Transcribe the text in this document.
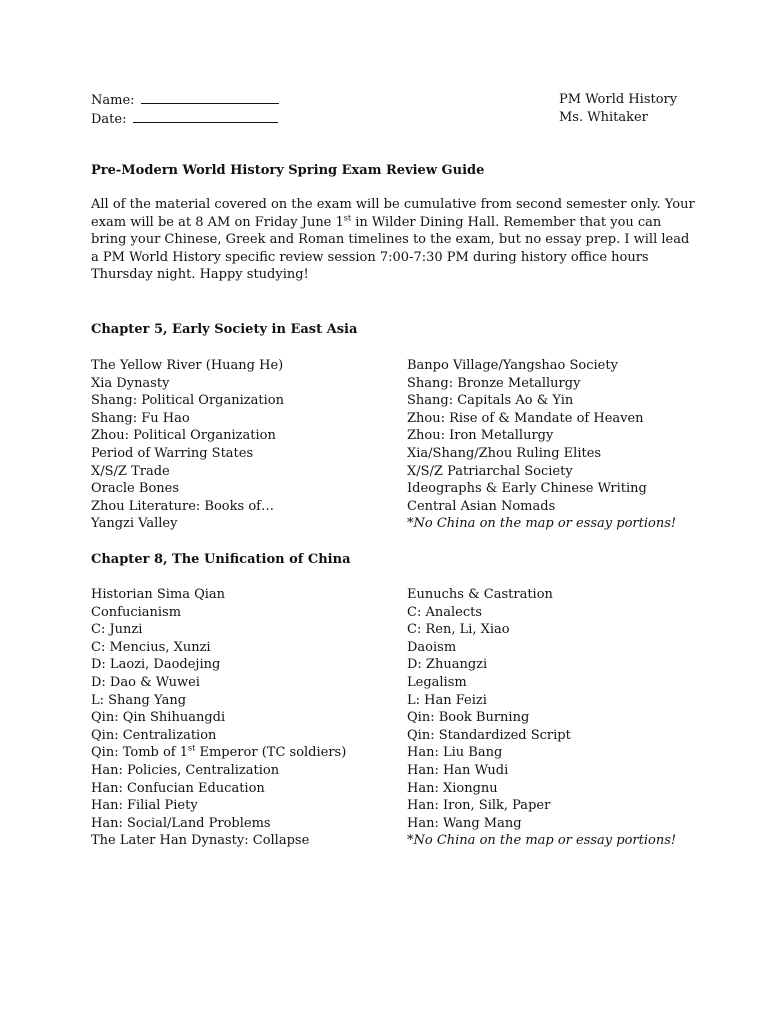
Name:
Date:
PM World History
Ms. Whitaker
Pre-Modern World History Spring Exam Review Guide
All of the material covered on the exam will be cumulative from second semester only. Your exam will be at 8 AM on Friday June 1st in Wilder Dining Hall. Remember that you can bring your Chinese, Greek and Roman timelines to the exam, but no essay prep. I will lead a PM World History specific review session 7:00-7:30 PM during history office hours Thursday night. Happy studying!
Chapter 5, Early Society in East Asia
The Yellow River (Huang He)
Xia Dynasty
Shang: Political Organization
Shang: Fu Hao
Zhou: Political Organization
Period of Warring States
X/S/Z Trade
Oracle Bones
Zhou Literature: Books of…
Yangzi Valley
Banpo Village/Yangshao Society
Shang: Bronze Metallurgy
Shang: Capitals Ao & Yin
Zhou: Rise of & Mandate of Heaven
Zhou: Iron Metallurgy
Xia/Shang/Zhou Ruling Elites
X/S/Z Patriarchal Society
Ideographs & Early Chinese Writing
Central Asian Nomads
*No China on the map or essay portions!
Chapter 8, The Unification of China
Historian Sima Qian
Confucianism
C: Junzi
C: Mencius, Xunzi
D: Laozi, Daodejing
D: Dao & Wuwei
L: Shang Yang
Qin: Qin Shihuangdi
Qin: Centralization
Qin: Tomb of 1st Emperor (TC soldiers)
Han: Policies, Centralization
Han: Confucian Education
Han: Filial Piety
Han: Social/Land Problems
The Later Han Dynasty: Collapse
Eunuchs & Castration
C: Analects
C: Ren, Li, Xiao
Daoism
D: Zhuangzi
Legalism
L: Han Feizi
Qin: Book Burning
Qin: Standardized Script
Han: Liu Bang
Han: Han Wudi
Han: Xiongnu
Han: Iron, Silk, Paper
Han: Wang Mang
*No China on the map or essay portions!
